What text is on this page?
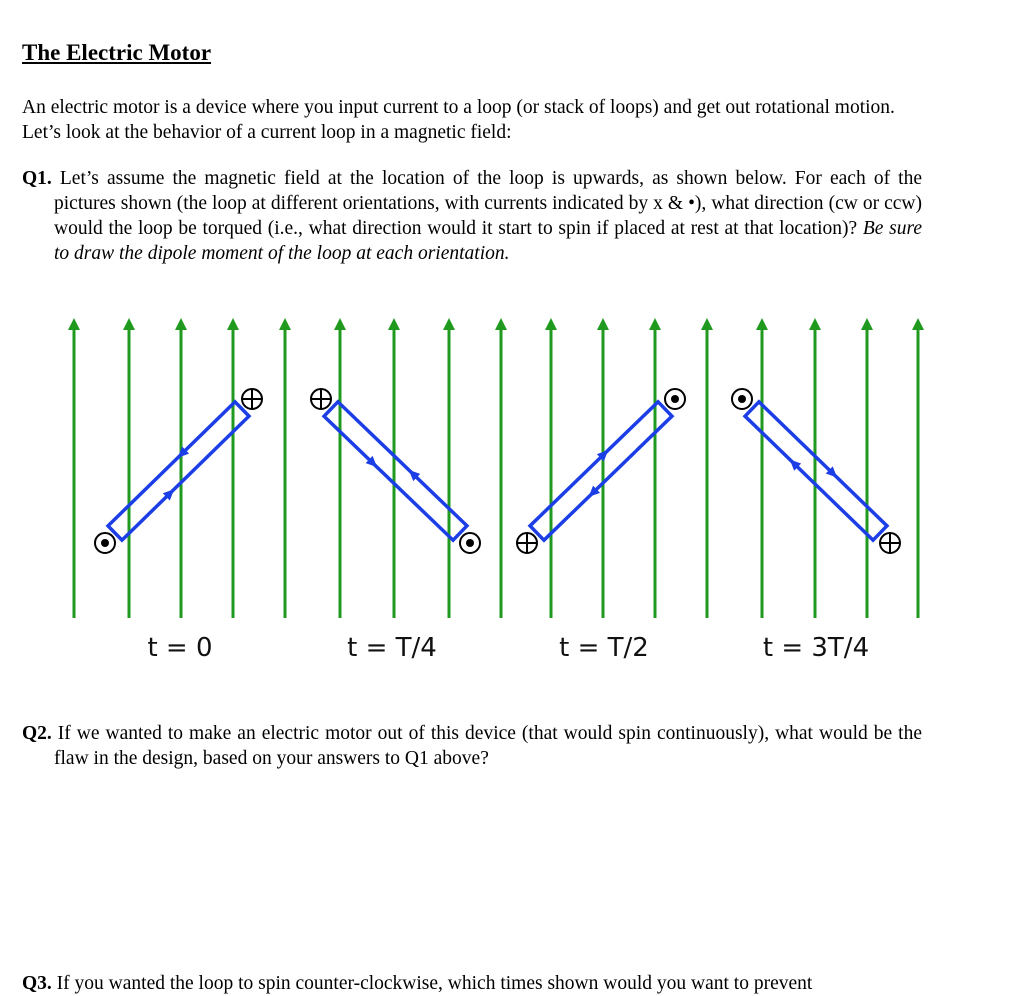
The Electric Motor

An electric motor is a device where you input current to a loop (or stack of loops) and get out rotational motion. Let’s look at the behavior of a current loop in a magnetic field:

Q1. Let’s assume the magnetic field at the location of the loop is upwards, as shown below. For each of the pictures shown (the loop at different orientations, with currents indicated by x & •), what direction (cw or ccw) would the loop be torqued (i.e., what direction would it start to spin if placed at rest at that location)? Be sure to draw the dipole moment of the loop at each orientation.

t = 0	t = T/4	t = T/2	t = 3T/4

Q2. If we wanted to make an electric motor out of this device (that would spin continuously), what would be the flaw in the design, based on your answers to Q1 above?

Q3. If you wanted the loop to spin counter-clockwise, which times shown would you want to prevent
